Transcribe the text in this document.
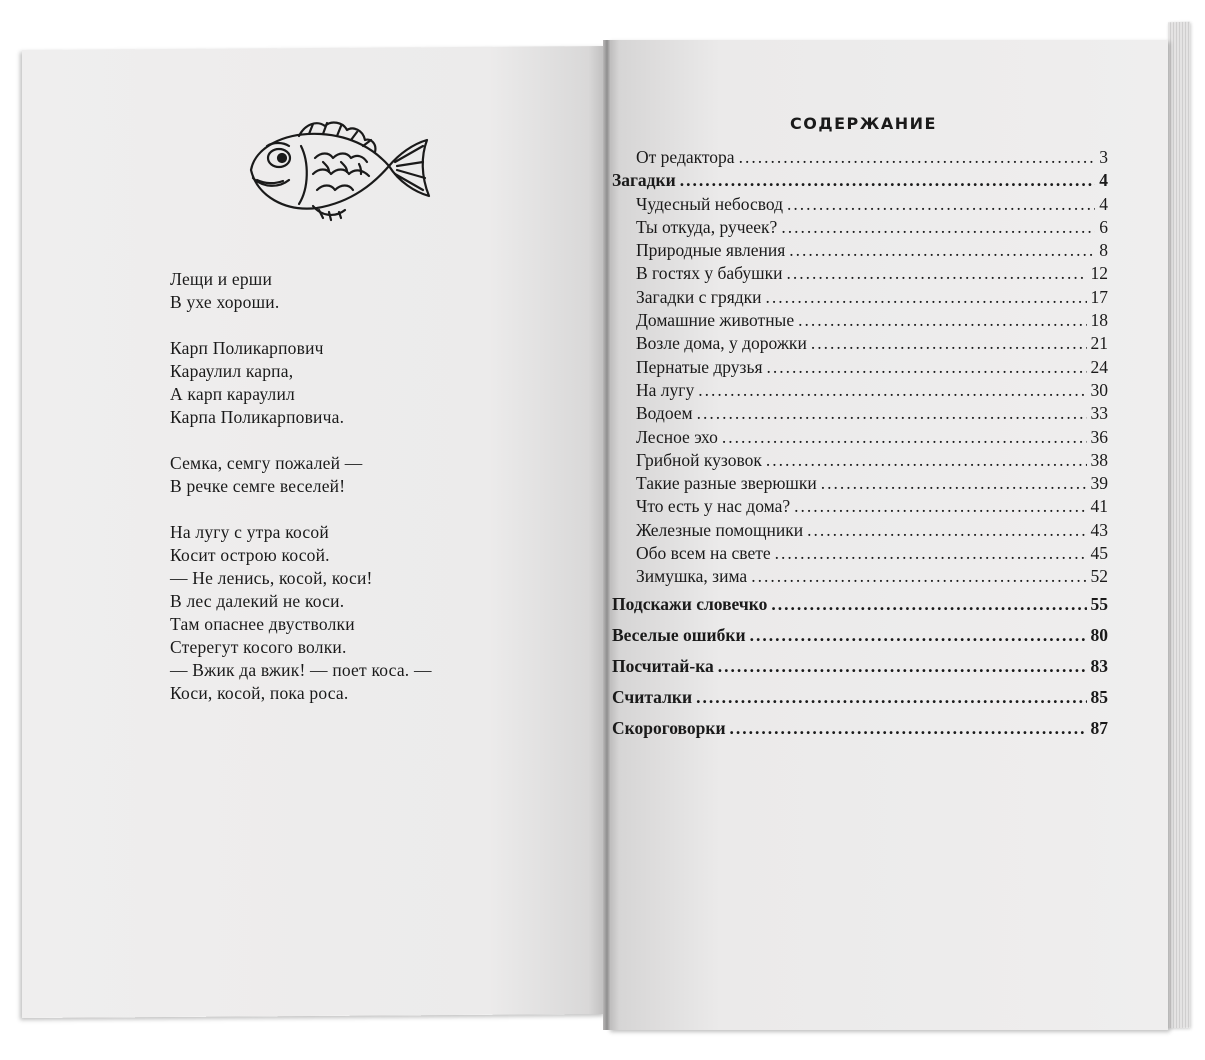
Лещи и ерши
В ухе хороши.
Карп Поликарпович
Караулил карпа,
А карп караулил
Карпа Поликарповича.
Семка, семгу пожалей —
В речке семге веселей!
На лугу с утра косой
Косит острою косой.
— Не ленись, косой, коси!
В лес далекий не коси.
Там опаснее двустволки
Стерегут косого волки.
— Вжик да вжик! — поет коса. —
Коси, косой, пока роса.
СОДЕРЖАНИЕ
От редактора .....	3
Загадки .....	4
Чудесный небосвод .....	4
Ты откуда, ручеек? .....	6
Природные явления .....	8
В гостях у бабушки .....	12
Загадки с грядки .....	17
Домашние животные .....	18
Возле дома, у дорожки .....	21
Пернатые друзья .....	24
На лугу .....	30
Водоем .....	33
Лесное эхо .....	36
Грибной кузовок .....	38
Такие разные зверюшки .....	39
Что есть у нас дома? .....	41
Железные помощники .....	43
Обо всем на свете .....	45
Зимушка, зима .....	52
Подскажи словечко .....	55
Веселые ошибки .....	80
Посчитай-ка .....	83
Считалки .....	85
Скороговорки .....	87
